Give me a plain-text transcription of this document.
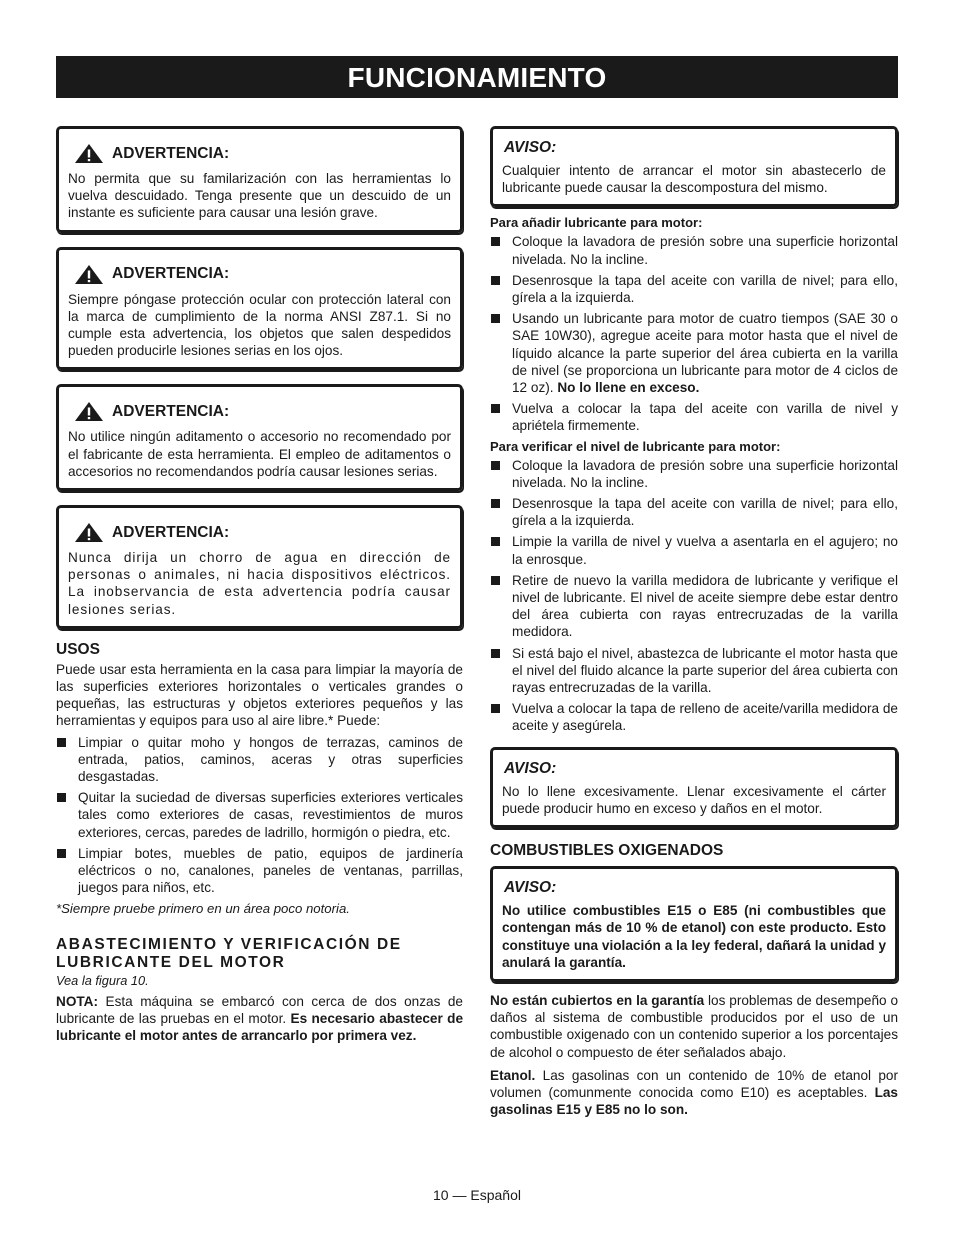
FUNCIONAMIENTO
ADVERTENCIA:
No permita que su familarización con las herramientas lo vuelva descuidado. Tenga presente que un descuido de un instante es suficiente para causar una lesión grave.
ADVERTENCIA:
Siempre póngase protección ocular con protección lateral con la marca de cumplimiento de la norma ANSI Z87.1. Si no cumple esta advertencia, los objetos que salen despedidos pueden producirle lesiones serias en los ojos.
ADVERTENCIA:
No utilice ningún aditamento o accesorio no recomendado por el fabricante de esta herramienta. El empleo de aditamentos o accesorios no recomendandos podría causar lesiones serias.
ADVERTENCIA:
Nunca dirija un chorro de agua en dirección de personas o animales, ni hacia dispositivos eléctricos. La inobservancia de esta advertencia podría causar lesiones serias.
USOS

Puede usar esta herramienta en la casa para limpiar la mayoría de las superficies exteriores horizontales o verticales grandes o pequeñas, las estructuras y objetos exteriores pequeños y las herramientas y equipos para uso al aire libre.* Puede:

Limpiar o quitar moho y hongos de terrazas, caminos de entrada, patios, caminos, aceras y otras superficies desgastadas.
Quitar la suciedad de diversas superficies exteriores verticales tales como exteriores de casas, revestimientos de muros exteriores, cercas, paredes de ladrillo, hormigón o piedra, etc.
Limpiar botes, muebles de patio, equipos de jardinería eléctricos o no, canalones, paneles de ventanas, parrillas, juegos para niños, etc.

*Siempre pruebe primero en un área poco notoria.

ABASTECIMIENTO Y VERIFICACIÓN DE LUBRICANTE DEL MOTOR

Vea la figura 10.

NOTA: Esta máquina se embarcó con cerca de dos onzas de lubricante de las pruebas en el motor. Es necesario abastecer de lubricante el motor antes de arrancarlo por primera vez.

AVISO:
Cualquier intento de arrancar el motor sin abastecerlo de lubricante puede causar la descompostura del mismo.
Para añadir lubricante para motor:
Coloque la lavadora de presión sobre una superficie horizontal nivelada. No la incline.
Desenrosque la tapa del aceite con varilla de nivel; para ello, gírela a la izquierda.
Usando un lubricante para motor de cuatro tiempos (SAE 30 o SAE 10W30), agregue aceite para motor hasta que el nivel de líquido alcance la parte superior del área cubierta en la varilla de nivel (se proporciona un lubricante para motor de 4 ciclos de 12 oz). No lo llene en exceso.
Vuelva a colocar la tapa del aceite con varilla de nivel y apriétela firmemente.
Para verificar el nivel de lubricante para motor:
Coloque la lavadora de presión sobre una superficie horizontal nivelada. No la incline.
Desenrosque la tapa del aceite con varilla de nivel; para ello, gírela a la izquierda.
Limpie la varilla de nivel y vuelva a asentarla en el agujero; no la enrosque.
Retire de nuevo la varilla medidora de lubricante y verifique el nivel de lubricante. El nivel de aceite siempre debe estar dentro del área cubierta con rayas entrecruzadas de la varilla medidora.
Si está bajo el nivel, abastezca de lubricante el motor hasta que el nivel del fluido alcance la parte superior del área cubierta con rayas entrecruzadas de la varilla.
Vuelva a colocar la tapa de relleno de aceite/varilla medidora de aceite y asegúrela.
AVISO:
No lo llene excesivamente. Llenar excesivamente el cárter puede producir humo en exceso y daños en el motor.
COMBUSTIBLES OXIGENADOS
AVISO:
No utilice combustibles E15 o E85 (ni combustibles que contengan más de 10 % de etanol) con este producto. Esto constituye una violación a la ley federal, dañará la unidad y anulará la garantía.

No están cubiertos en la garantía los problemas de desempeño o daños al sistema de combustible producidos por el uso de un combustible oxigenado con un contenido superior a los porcentajes de alcohol o compuesto de éter señalados abajo.

Etanol. Las gasolinas con un contenido de 10% de etanol por volumen (comunmente conocida como E10) es aceptables. Las gasolinas E15 y E85 no lo son.

10 — Español
